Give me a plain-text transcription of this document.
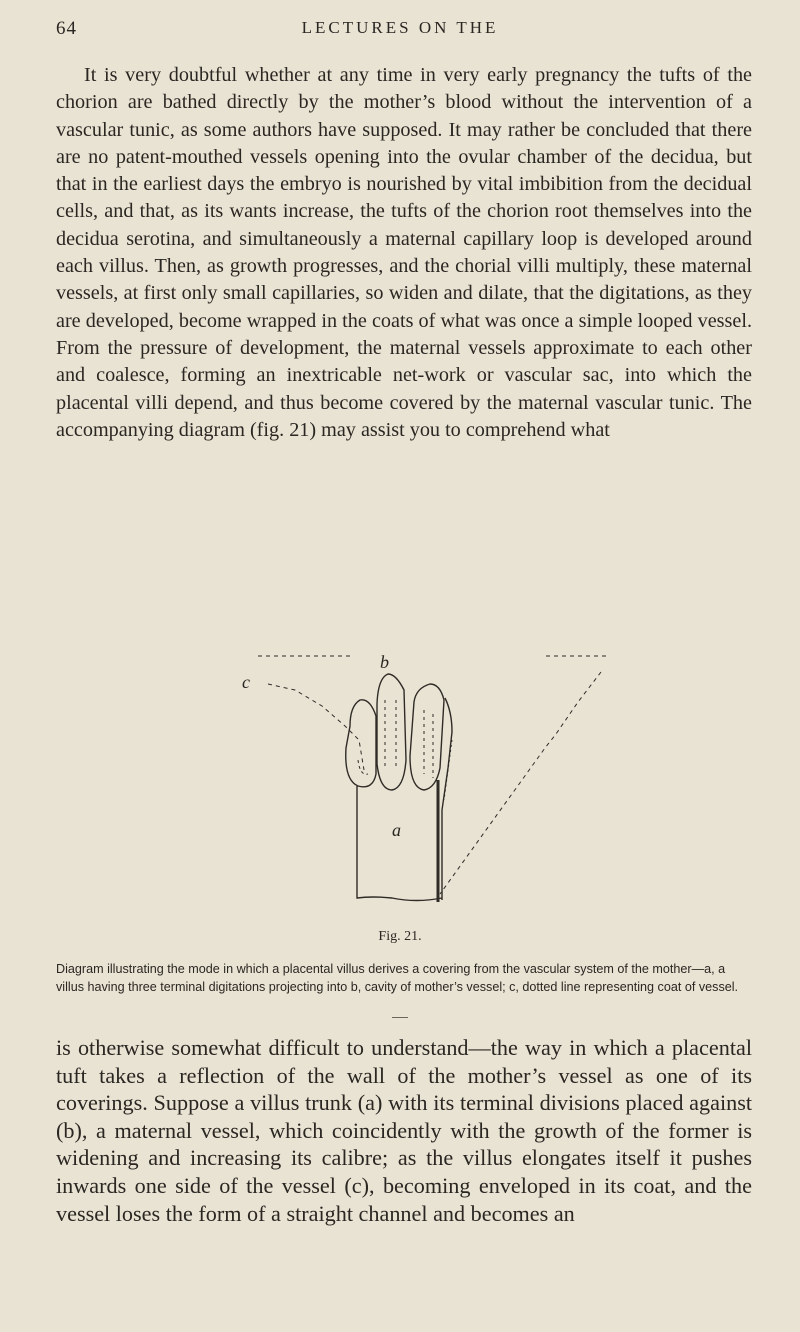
64	LECTURES ON THE

It is very doubtful whether at any time in very early pregnancy the tufts of the chorion are bathed directly by the mother’s blood without the intervention of a vascular tunic, as some authors have supposed. It may rather be concluded that there are no patent-mouthed vessels opening into the ovular chamber of the decidua, but that in the earliest days the embryo is nourished by vital imbibition from the decidual cells, and that, as its wants increase, the tufts of the chorion root themselves into the decidua serotina, and simultaneously a maternal capillary loop is developed around each villus. Then, as growth progresses, and the chorial villi multiply, these maternal vessels, at first only small capillaries, so widen and dilate, that the digitations, as they are developed, become wrapped in the coats of what was once a simple looped vessel. From the pressure of development, the maternal vessels approximate to each other and coalesce, forming an inextricable net-work or vascular sac, into which the placental villi depend, and thus become covered by the maternal vascular tunic. The accompanying diagram (fig. 21) may assist you to comprehend what

b
c
a
Fig. 21.

Diagram illustrating the mode in which a placental villus derives a covering from the vascular system of the mother—a, a villus having three terminal digitations projecting into b, cavity of mother’s vessel; c, dotted line representing coat of vessel.

is otherwise somewhat difficult to understand—the way in which a placental tuft takes a reflection of the wall of the mother’s vessel as one of its coverings. Suppose a villus trunk (a) with its terminal divisions placed against (b), a maternal vessel, which coincidently with the growth of the former is widening and increasing its calibre; as the villus elongates itself it pushes inwards one side of the vessel (c), becoming enveloped in its coat, and the vessel loses the form of a straight channel and becomes an
